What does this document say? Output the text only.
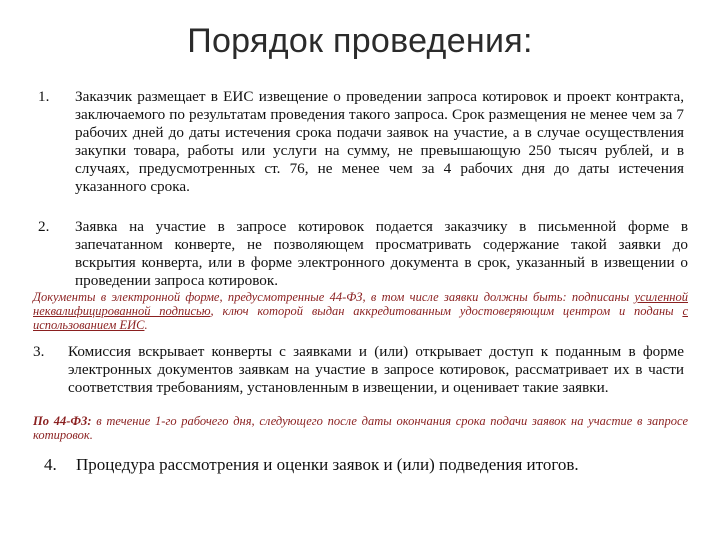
Порядок проведения:
1. Заказчик размещает в ЕИС извещение о проведении запроса котировок и проект контракта, заключаемого по результатам проведения такого запроса. Срок размещения не менее чем за 7 рабочих дней до даты истечения срока подачи заявок на участие, а в случае осуществления закупки товара, работы или услуги на сумму, не превышающую 250 тысяч рублей, и в случаях, предусмотренных ст. 76, не менее чем за 4 рабочих дня до даты истечения указанного срока.
2. Заявка на участие в запросе котировок подается заказчику в письменной форме в запечатанном конверте, не позволяющем просматривать содержание такой заявки до вскрытия конверта, или в форме электронного документа в срок, указанный в извещении о проведении запроса котировок.
Документы в электронной форме, предусмотренные 44-ФЗ, в том числе заявки должны быть: подписаны усиленной неквалифицированной подписью, ключ которой выдан аккредитованным удостоверяющим центром и поданы с использованием ЕИС.
3. Комиссия вскрывает конверты с заявками и (или) открывает доступ к поданным в форме электронных документов заявкам на участие в запросе котировок, рассматривает их в части соответствия требованиям, установленным в извещении, и оценивает такие заявки.
По 44-ФЗ: в течение 1-го рабочего дня, следующего после даты окончания срока подачи заявок на участие в запросе котировок.
4. Процедура рассмотрения и оценки заявок и (или) подведения итогов.
